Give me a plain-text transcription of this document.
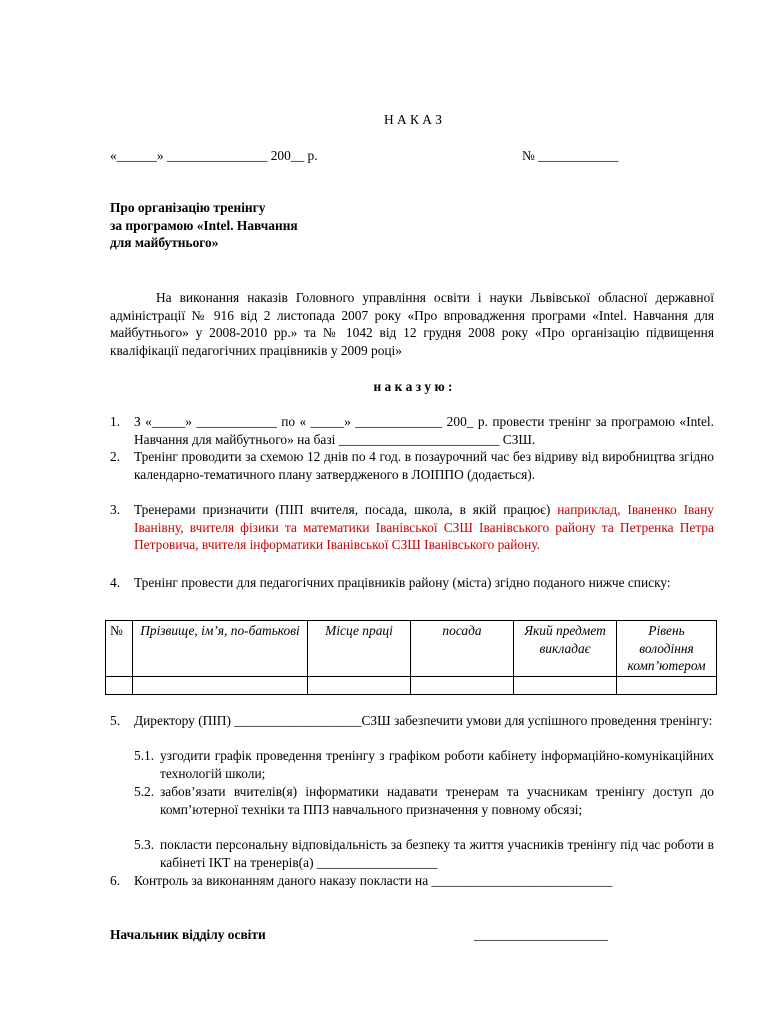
Н А К А З

«______» _______________ 200__ р.	№ ____________

Про організацію тренінгу
за програмою «Intel. Навчання
для майбутнього»

На виконання наказів Головного управління освіти і науки Львівської обласної державної адміністрації № 916 від 2 листопада 2007 року «Про впровадження програми «Intel. Навчання для майбутнього» у 2008-2010 рр.» та № 1042 від 12 грудня 2008 року «Про організацію підвищення кваліфікації педагогічних працівників у 2009 році»

н а к а з у ю :

1. З «_____» ____________ по « _____» _____________ 200_ р. провести тренінг за програмою «Intel. Навчання для майбутнього» на базі ________________________ СЗШ.
2. Тренінг проводити за схемою 12 днів по 4 год. в позаурочний час без відриву від виробництва згідно календарно-тематичного плану затвердженого в ЛОІППО (додається).
3. Тренерами призначити (ПІП вчителя, посада, школа, в якій працює) наприклад, Іваненко Івану Іванівну, вчителя фізики та математики Іванівської СЗШ Іванівського району та Петренка Петра Петровича, вчителя інформатики Іванівської СЗШ Іванівського району.
4. Тренінг провести для педагогічних працівників району (міста) згідно поданого нижче списку:
№	Прізвище, ім’я, по-батькові	Місце праці	посада	Який предмет викладає	Рівень володіння комп’ютером

5. Директору (ПІП) ___________________СЗШ забезпечити умови для успішного проведення тренінгу:
5.1. узгодити графік проведення тренінгу з графіком роботи кабінету інформаційно-комунікаційних технологій школи;
5.2. забов’язати вчителів(я) інформатики надавати тренерам та учасникам тренінгу доступ до комп’ютерної техніки та ППЗ навчального призначення у повному обсязі;
5.3. покласти персональну відповідальність за безпеку та життя учасників тренінгу під час роботи в кабінеті ІКТ на тренерів(а) __________________
6. Контроль за виконанням даного наказу покласти на ___________________________

Начальник відділу освіти	____________________
